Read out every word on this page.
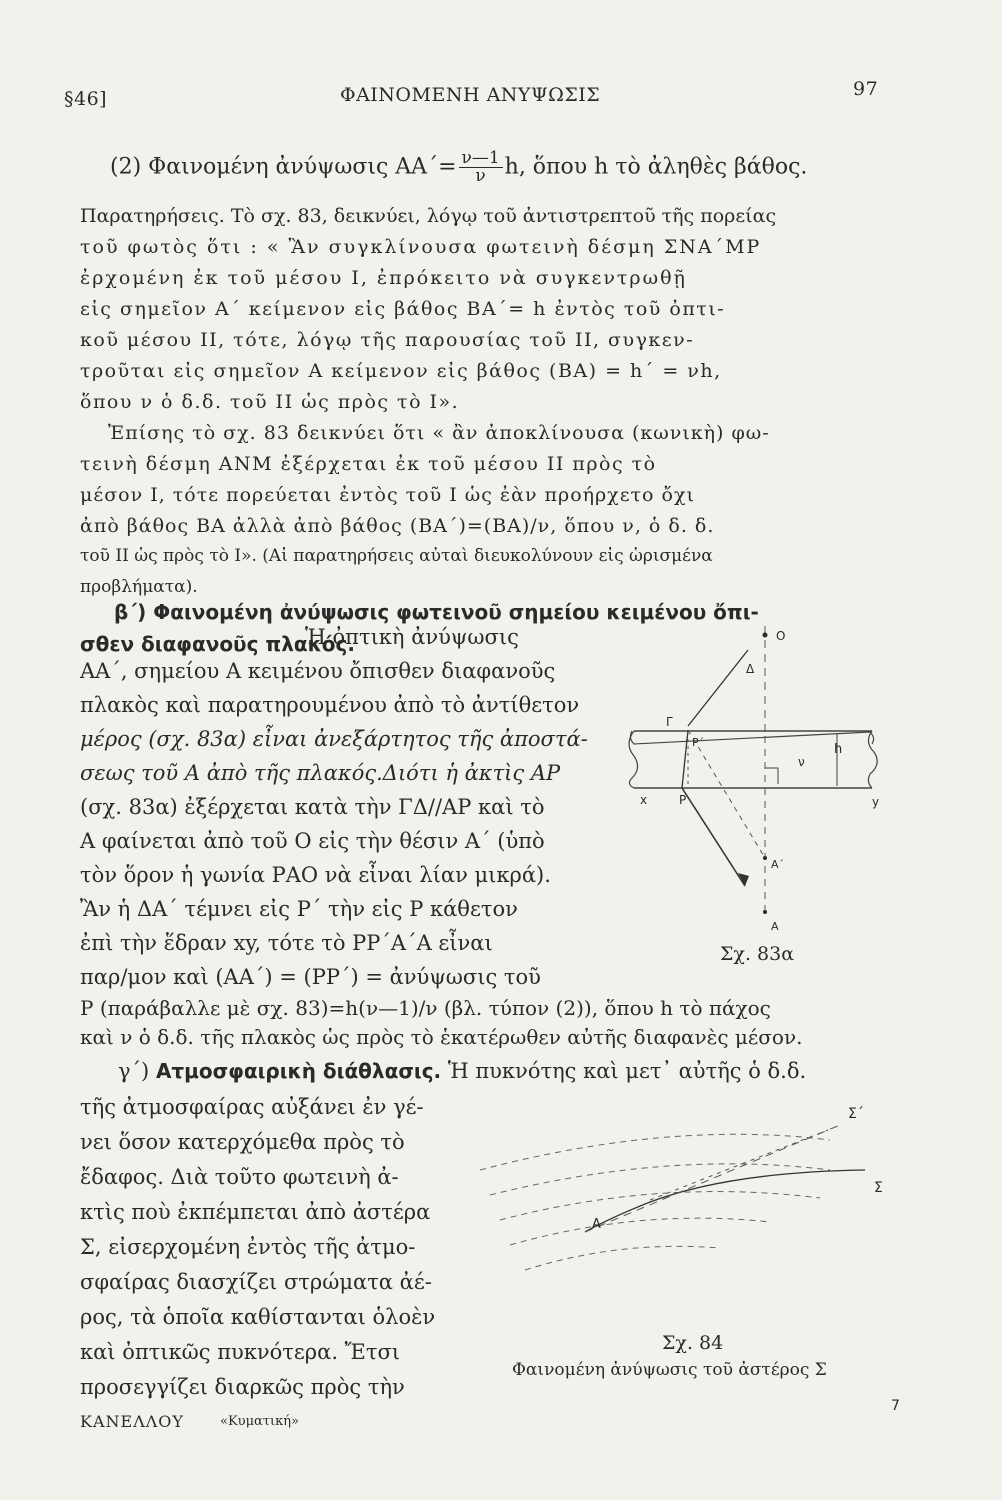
§46]	ΦΑΙΝΟΜΕΝΗ ΑΝΥΨΩΣΙΣ	97
(2) Φαινομένη ἀνύψωσις $AA΄= \frac{\nu—1}{\nu} h$, ὅπου h τὸ ἀληθὲς βάθος.
Παρατηρήσεις. Τὸ σχ. 83, δεικνύει, λόγῳ τοῦ ἀντιστρεπτοῦ τῆς πορείας
τοῦ φωτὸς ὅτι : « Ἂν συγκλίνουσα φωτεινὴ δέσμη ΣΝΑ΄ΜΡ
ἐρχομένη ἐκ τοῦ μέσου Ι, ἐπρόκειτο νὰ συγκεντρωθῇ
εἰς σημεῖον Α΄ κείμενον εἰς βάθος ΒΑ΄= h ἐντὸς τοῦ ὀπτι-
κοῦ μέσου ΙΙ, τότε, λόγῳ τῆς παρουσίας τοῦ ΙΙ, συγκεν-
τροῦται εἰς σημεῖον Α κείμενον εἰς βάθος (ΒΑ) = h΄ = νh,
ὅπου ν ὁ δ.δ. τοῦ ΙΙ ὡς πρὸς τὸ Ι».
Ἐπίσης τὸ σχ. 83 δεικνύει ὅτι « ἂν ἀποκλίνουσα (κωνικὴ) φω-
τεινὴ δέσμη ΑΝΜ ἐξέρχεται ἐκ τοῦ μέσου ΙΙ πρὸς τὸ
μέσον Ι, τότε πορεύεται ἐντὸς τοῦ Ι ὡς ἐὰν προήρχετο ὄχι
ἀπὸ βάθος ΒΑ ἀλλὰ ἀπὸ βάθος (ΒΑ΄)=(ΒΑ)/ν, ὅπου ν, ὁ δ. δ.
τοῦ ΙΙ ὡς πρὸς τὸ Ι». (Αἱ παρατηρήσεις αὐταὶ διευκολύνουν εἰς ὡρισμένα
προβλήματα).
β΄) Φαινομένη ἀνύψωσις φωτεινοῦ σημείου κειμένου ὄπι-
σθεν διαφανοῦς πλακός.
Ἡ ὀπτικὴ ἀνύψωσις
ΑΑ΄, σημείου Α κειμένου ὄπισθεν διαφανοῦς
πλακὸς καὶ παρατηρουμένου ἀπὸ τὸ ἀντίθετον
μέρος (σχ. 83α) εἶναι ἀνεξάρτητος τῆς ἀποστά-
σεως τοῦ Α ἀπὸ τῆς πλακός.Διότι ἡ ἀκτὶς ΑΡ
(σχ. 83α) ἐξέρχεται κατὰ τὴν ΓΔ//ΑΡ καὶ τὸ
Α φαίνεται ἀπὸ τοῦ Ο εἰς τὴν θέσιν Α΄ (ὑπὸ
τὸν ὅρον ἡ γωνία ΡΑΟ νὰ εἶναι λίαν μικρά).
Ἂν ἡ ΔΑ΄ τέμνει εἰς Ρ΄ τὴν εἰς Ρ κάθετον
ἐπὶ τὴν ἕδραν xy, τότε τὸ ΡΡ΄Α΄Α εἶναι
παρ/μον καὶ (ΑΑ΄) = (ΡΡ΄) = ἀνύψωσις τοῦ
Ρ (παράβαλλε μὲ σχ. 83)=h(ν—1)/ν (βλ. τύπον (2)), ὅπου h τὸ πάχος
καὶ ν ὁ δ.δ. τῆς πλακὸς ὡς πρὸς τὸ ἑκατέρωθεν αὐτῆς διαφανὲς μέσον.
Ο
Δ
Γ
Ρ΄
ν
h
x	Ρ	y
Α΄
Α
Σχ. 83α
γ΄) Ατμοσφαιρικὴ διάθλασις. Ἡ πυκνότης καὶ μετ᾽ αὐτῆς ὁ δ.δ.
τῆς ἀτμοσφαίρας αὐξάνει ἐν γέ-
νει ὅσον κατερχόμεθα πρὸς τὸ
ἔδαφος. Διὰ τοῦτο φωτεινὴ ἀ-
κτὶς ποὺ ἐκπέμπεται ἀπὸ ἀστέρα
Σ, εἰσερχομένη ἐντὸς τῆς ἀτμο-
σφαίρας διασχίζει στρώματα ἀέ-
ρος, τὰ ὁποῖα καθίστανται ὁλοὲν
καὶ ὀπτικῶς πυκνότερα. Ἔτσι
προσεγγίζει διαρκῶς πρὸς τὴν
Σ΄
Σ
Α
Σχ. 84
Φαινομένη ἀνύψωσις τοῦ ἀστέρος Σ
ΚΑΝΕΛΛΟΥ	«Κυματική»
7
